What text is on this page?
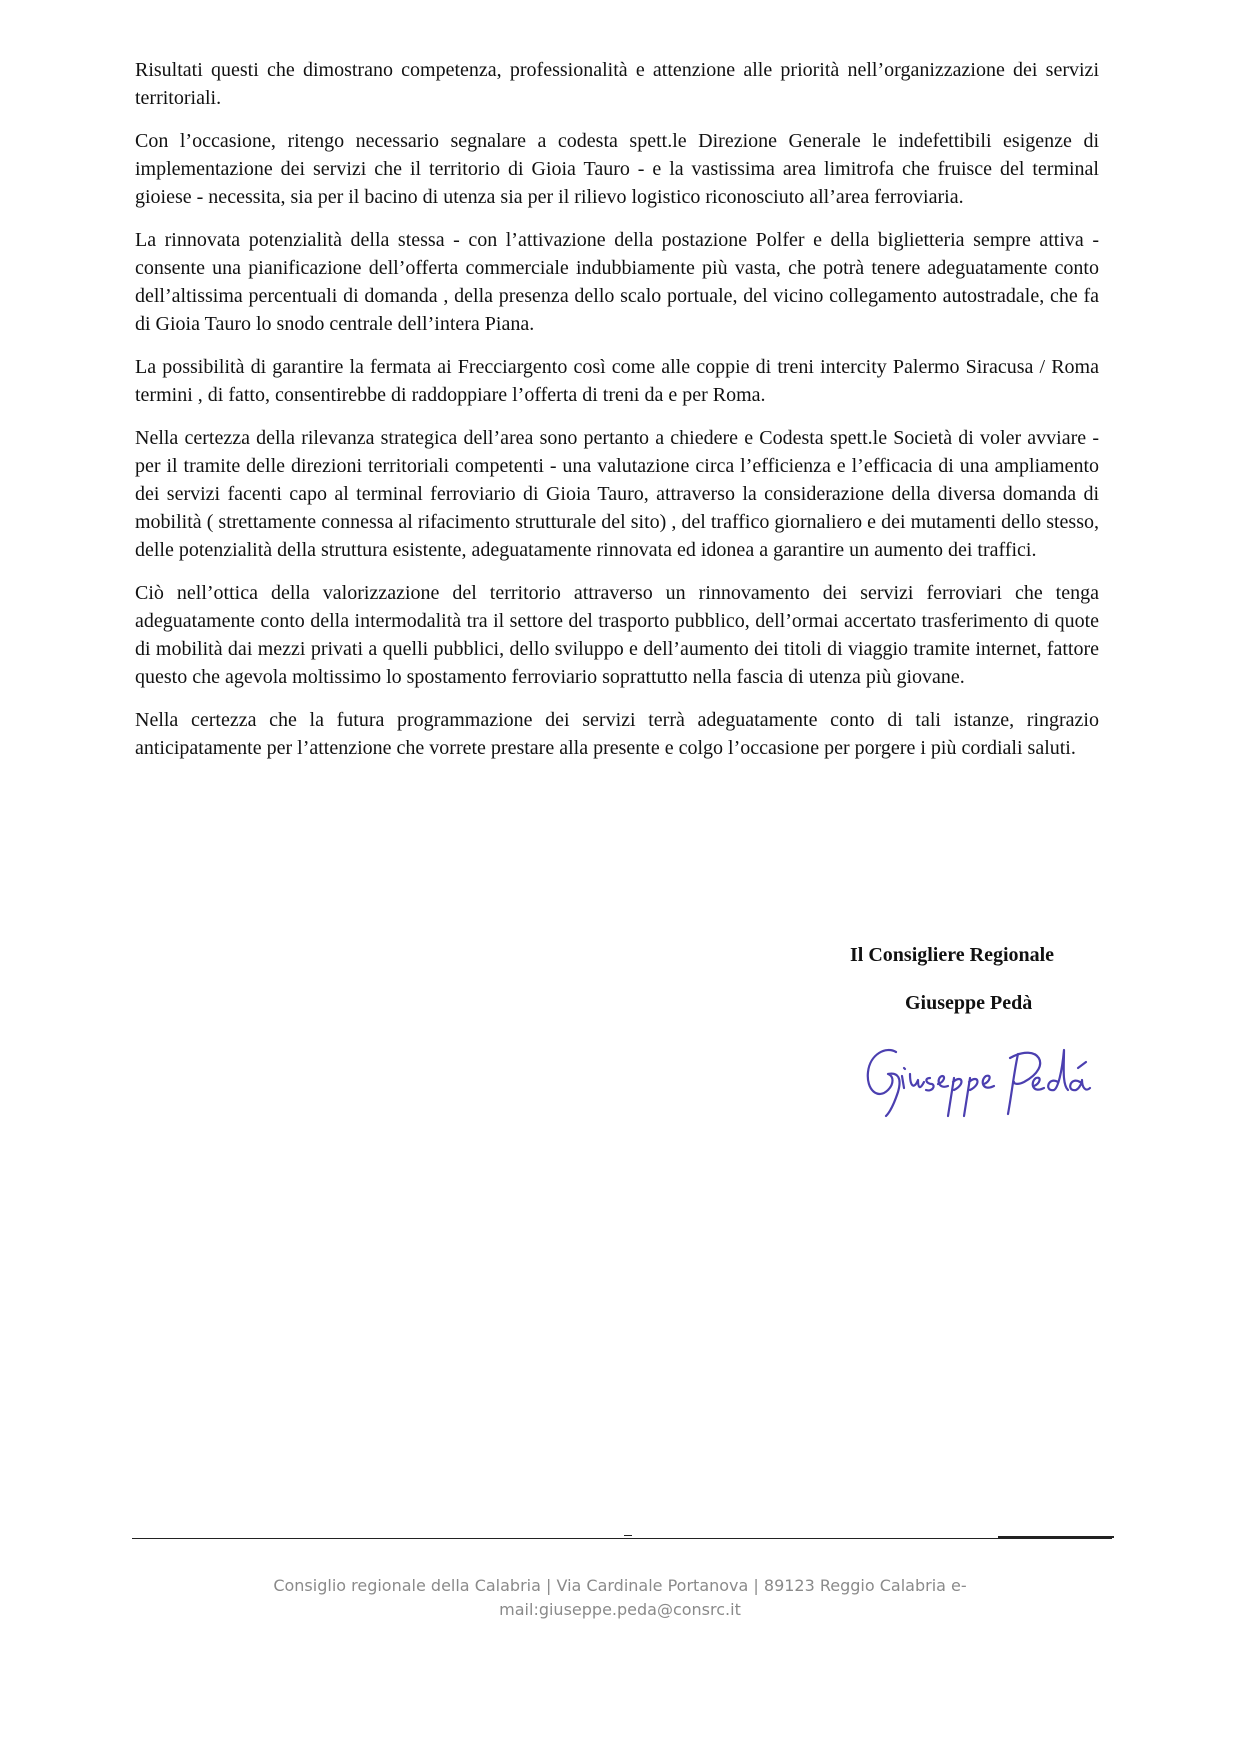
Risultati questi che dimostrano competenza, professionalità e attenzione alle priorità nell’organizzazione dei servizi territoriali.

Con l’occasione, ritengo necessario segnalare a codesta spett.le Direzione Generale le indefettibili esigenze di implementazione dei servizi che il territorio di Gioia Tauro - e la vastissima area limitrofa che fruisce del terminal gioiese - necessita, sia per il bacino di utenza sia per il rilievo logistico riconosciuto all’area ferroviaria.

La rinnovata potenzialità della stessa - con l’attivazione della postazione Polfer e della biglietteria sempre attiva - consente una pianificazione dell’offerta commerciale indubbiamente più vasta, che potrà tenere adeguatamente conto dell’altissima percentuali di domanda , della presenza dello scalo portuale, del vicino collegamento autostradale, che fa di Gioia Tauro lo snodo centrale dell’intera Piana.

La possibilità di garantire la fermata ai Frecciargento così come alle coppie di treni intercity Palermo Siracusa / Roma termini , di fatto, consentirebbe di raddoppiare l’offerta di treni da e per Roma.

Nella certezza della rilevanza strategica dell’area sono pertanto a chiedere e Codesta spett.le Società di voler avviare - per il tramite delle direzioni territoriali competenti - una valutazione circa l’efficienza e l’efficacia di una ampliamento dei servizi facenti capo al terminal ferroviario di Gioia Tauro, attraverso la considerazione della diversa domanda di mobilità ( strettamente connessa al rifacimento strutturale del sito) , del traffico giornaliero e dei mutamenti dello stesso, delle potenzialità della struttura esistente, adeguatamente rinnovata ed idonea a garantire un aumento dei traffici.

Ciò nell’ottica della valorizzazione del territorio attraverso un rinnovamento dei servizi ferroviari che tenga adeguatamente conto della intermodalità tra il settore del trasporto pubblico, dell’ormai accertato trasferimento di quote di mobilità dai mezzi privati a quelli pubblici, dello sviluppo e dell’aumento dei titoli di viaggio tramite internet, fattore questo che agevola moltissimo lo spostamento ferroviario soprattutto nella fascia di utenza più giovane.

Nella certezza che la futura programmazione dei servizi terrà adeguatamente conto di tali istanze, ringrazio anticipatamente per l’attenzione che vorrete prestare alla presente e colgo l’occasione per porgere i più cordiali saluti.

Il Consigliere Regionale
Giuseppe Pedà
Consiglio regionale della Calabria | Via Cardinale Portanova | 89123 Reggio Calabria e-
mail:giuseppe.peda@consrc.it
